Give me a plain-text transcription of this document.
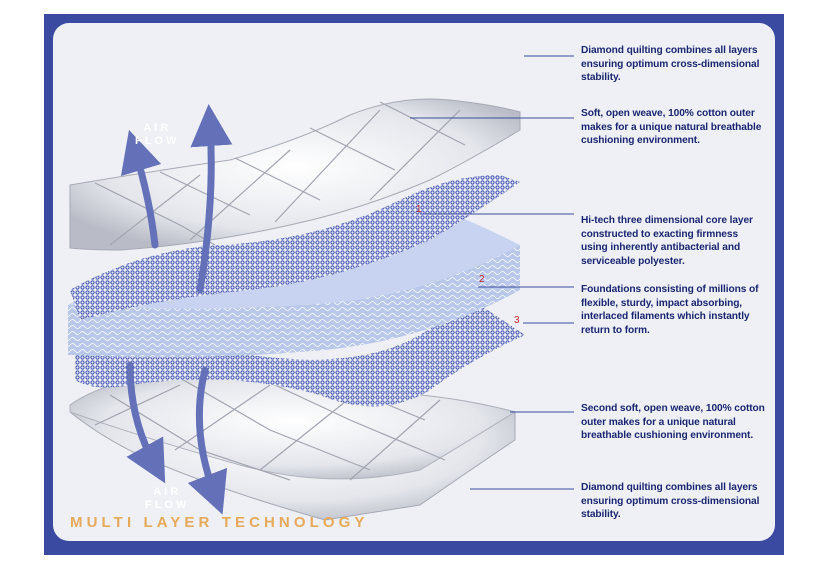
1
2
3
AIR
FLOW
AIR
FLOW
Diamond quilting combines all layers ensuring optimum cross-dimensional stability.
Soft, open weave, 100% cotton outer makes for a unique natural breathable cushioning environment.
Hi-tech three dimensional core layer constructed to exacting firmness using inherently antibacterial and serviceable polyester.
Foundations consisting of millions of flexible, sturdy, impact absorbing, interlaced filaments which instantly return to form.
Second soft, open weave, 100% cotton outer makes for a unique natural breathable cushioning environment.
Diamond quilting combines all layers ensuring optimum cross-dimensional stability.
MULTI LAYER TECHNOLOGY
